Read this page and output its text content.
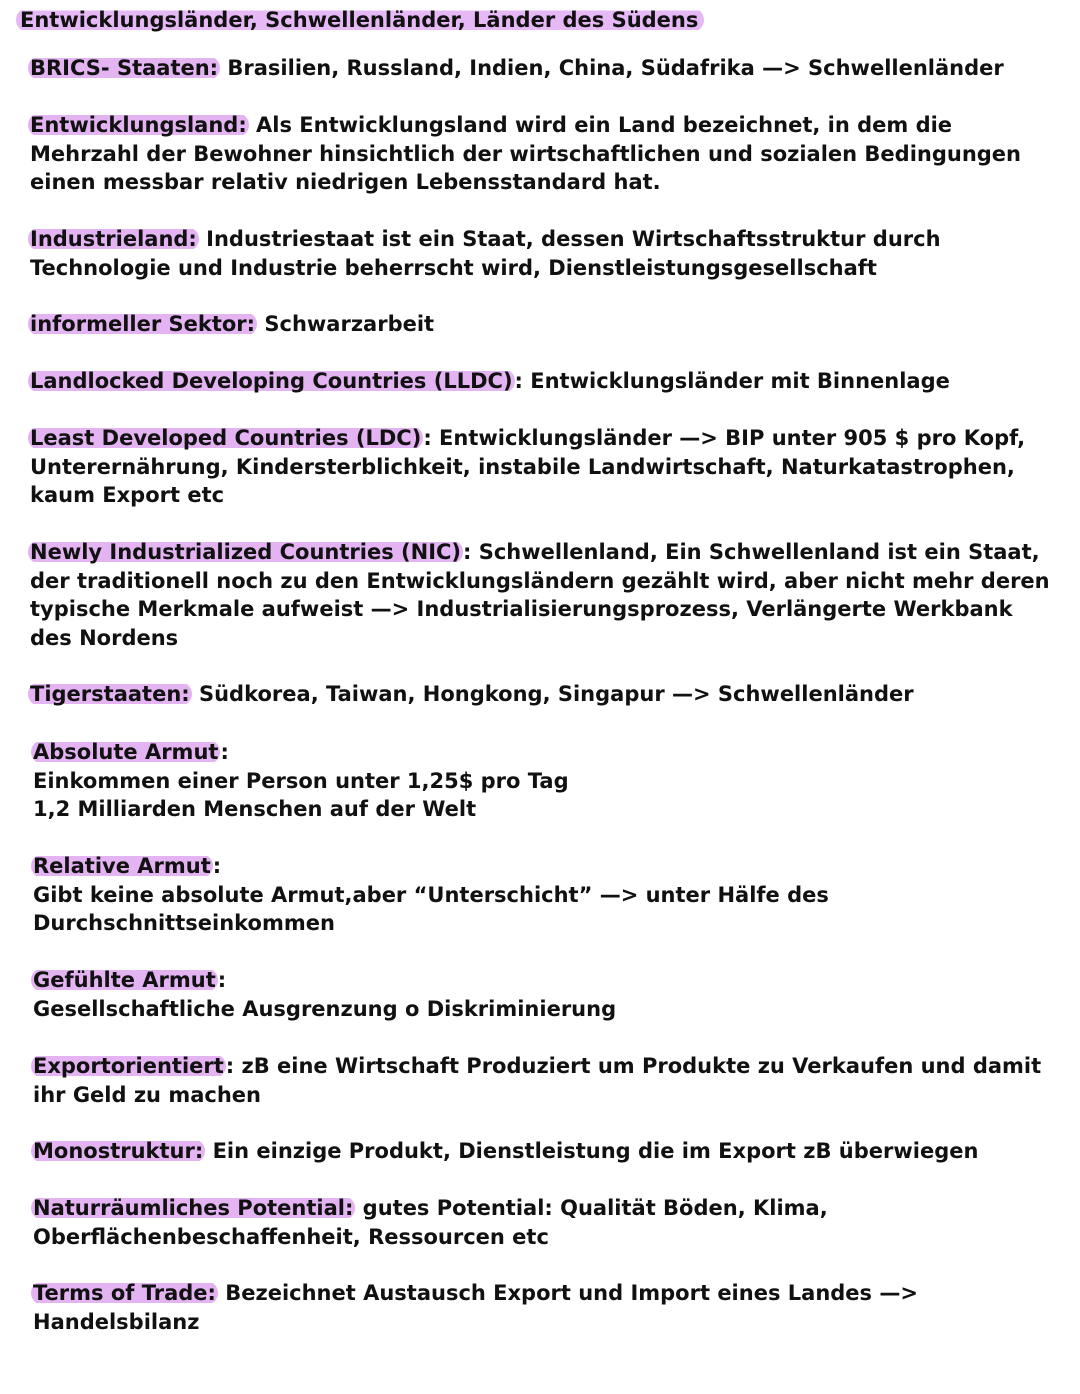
Entwicklungsländer, Schwellenländer, Länder des Südens
BRICS- Staaten: Brasilien, Russland, Indien, China, Südafrika —> Schwellenländer
Entwicklungsland: Als Entwicklungsland wird ein Land bezeichnet, in dem die
Mehrzahl der Bewohner hinsichtlich der wirtschaftlichen und sozialen Bedingungen
einen messbar relativ niedrigen Lebensstandard hat.
Industrieland: Industriestaat ist ein Staat, dessen Wirtschaftsstruktur durch
Technologie und Industrie beherrscht wird, Dienstleistungsgesellschaft
informeller Sektor: Schwarzarbeit
Landlocked Developing Countries (LLDC): Entwicklungsländer mit Binnenlage
Least Developed Countries (LDC): Entwicklungsländer —> BIP unter 905 $ pro Kopf,
Unterernährung, Kindersterblichkeit, instabile Landwirtschaft, Naturkatastrophen,
kaum Export etc
Newly Industrialized Countries (NIC): Schwellenland, Ein Schwellenland ist ein Staat,
der traditionell noch zu den Entwicklungsländern gezählt wird, aber nicht mehr deren
typische Merkmale aufweist —> Industrialisierungsprozess, Verlängerte Werkbank
des Nordens
Tigerstaaten: Südkorea, Taiwan, Hongkong, Singapur —> Schwellenländer
Absolute Armut:
Einkommen einer Person unter 1,25$ pro Tag
1,2 Milliarden Menschen auf der Welt
Relative Armut:
Gibt keine absolute Armut,aber “Unterschicht” —> unter Hälfe des
Durchschnittseinkommen
Gefühlte Armut:
Gesellschaftliche Ausgrenzung o Diskriminierung
Exportorientiert: zB eine Wirtschaft Produziert um Produkte zu Verkaufen und damit
ihr Geld zu machen
Monostruktur: Ein einzige Produkt, Dienstleistung die im Export zB überwiegen
Naturräumliches Potential: gutes Potential: Qualität Böden, Klima,
Oberflächenbeschaffenheit, Ressourcen etc
Terms of Trade: Bezeichnet Austausch Export und Import eines Landes —>
Handelsbilanz
